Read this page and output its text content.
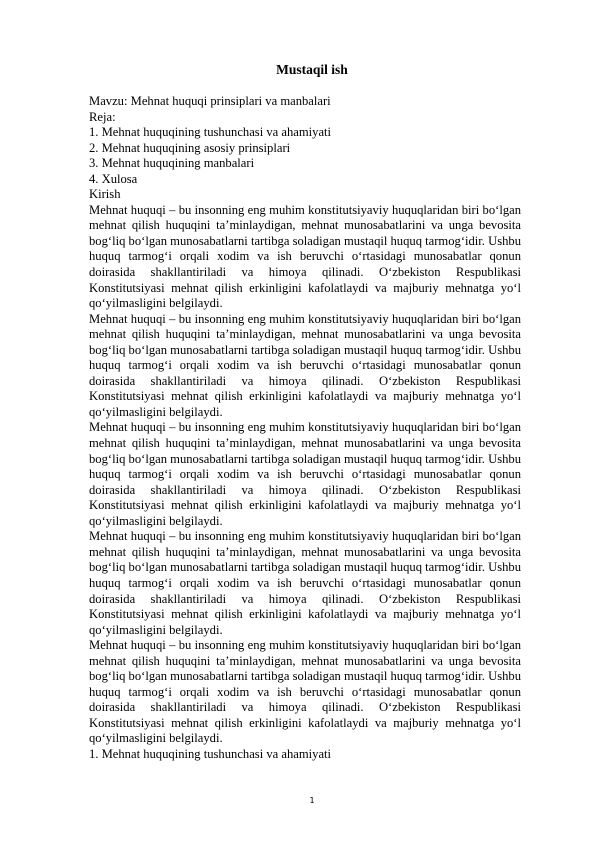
Mustaqil ish

Mavzu: Mehnat huquqi prinsiplari va manbalari

Reja:

1. Mehnat huquqining tushunchasi va ahamiyati

2. Mehnat huquqining asosiy prinsiplari

3. Mehnat huquqining manbalari

4. Xulosa

Kirish

Mehnat huquqi – bu insonning eng muhim konstitutsiyaviy huquqlaridan biri bo‘lgan mehnat qilish huquqini ta’minlaydigan, mehnat munosabatlarini va unga bevosita bog‘liq bo‘lgan munosabatlarni tartibga soladigan mustaqil huquq tarmog‘idir. Ushbu huquq tarmog‘i orqali xodim va ish beruvchi o‘rtasidagi munosabatlar qonun doirasida shakllantiriladi va himoya qilinadi. O‘zbekiston Respublikasi Konstitutsiyasi mehnat qilish erkinligini kafolatlaydi va majburiy mehnatga yo‘l qo‘yilmasligini belgilaydi.

Mehnat huquqi – bu insonning eng muhim konstitutsiyaviy huquqlaridan biri bo‘lgan mehnat qilish huquqini ta’minlaydigan, mehnat munosabatlarini va unga bevosita bog‘liq bo‘lgan munosabatlarni tartibga soladigan mustaqil huquq tarmog‘idir. Ushbu huquq tarmog‘i orqali xodim va ish beruvchi o‘rtasidagi munosabatlar qonun doirasida shakllantiriladi va himoya qilinadi. O‘zbekiston Respublikasi Konstitutsiyasi mehnat qilish erkinligini kafolatlaydi va majburiy mehnatga yo‘l qo‘yilmasligini belgilaydi.

Mehnat huquqi – bu insonning eng muhim konstitutsiyaviy huquqlaridan biri bo‘lgan mehnat qilish huquqini ta’minlaydigan, mehnat munosabatlarini va unga bevosita bog‘liq bo‘lgan munosabatlarni tartibga soladigan mustaqil huquq tarmog‘idir. Ushbu huquq tarmog‘i orqali xodim va ish beruvchi o‘rtasidagi munosabatlar qonun doirasida shakllantiriladi va himoya qilinadi. O‘zbekiston Respublikasi Konstitutsiyasi mehnat qilish erkinligini kafolatlaydi va majburiy mehnatga yo‘l qo‘yilmasligini belgilaydi.

Mehnat huquqi – bu insonning eng muhim konstitutsiyaviy huquqlaridan biri bo‘lgan mehnat qilish huquqini ta’minlaydigan, mehnat munosabatlarini va unga bevosita bog‘liq bo‘lgan munosabatlarni tartibga soladigan mustaqil huquq tarmog‘idir. Ushbu huquq tarmog‘i orqali xodim va ish beruvchi o‘rtasidagi munosabatlar qonun doirasida shakllantiriladi va himoya qilinadi. O‘zbekiston Respublikasi Konstitutsiyasi mehnat qilish erkinligini kafolatlaydi va majburiy mehnatga yo‘l qo‘yilmasligini belgilaydi.

Mehnat huquqi – bu insonning eng muhim konstitutsiyaviy huquqlaridan biri bo‘lgan mehnat qilish huquqini ta’minlaydigan, mehnat munosabatlarini va unga bevosita bog‘liq bo‘lgan munosabatlarni tartibga soladigan mustaqil huquq tarmog‘idir. Ushbu huquq tarmog‘i orqali xodim va ish beruvchi o‘rtasidagi munosabatlar qonun doirasida shakllantiriladi va himoya qilinadi. O‘zbekiston Respublikasi Konstitutsiyasi mehnat qilish erkinligini kafolatlaydi va majburiy mehnatga yo‘l qo‘yilmasligini belgilaydi.

1. Mehnat huquqining tushunchasi va ahamiyati

1
